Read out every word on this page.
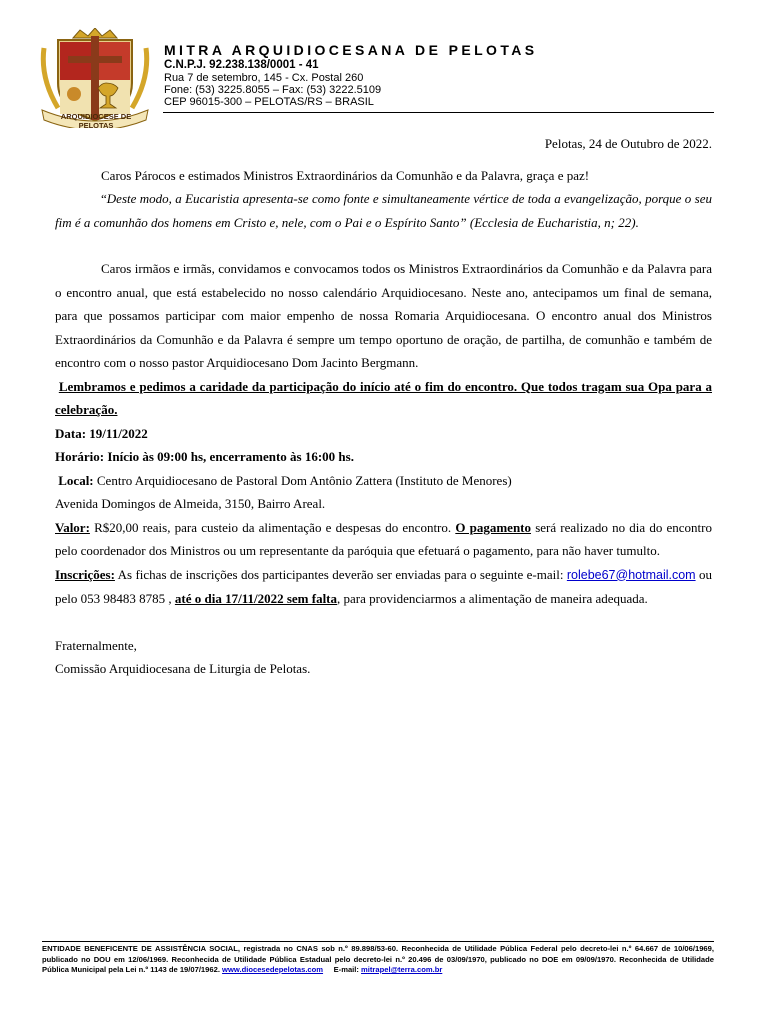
ARQUIDIOCESE DE PELOTAS
MITRA ARQUIDIOCESANA DE PELOTAS
C.N.P.J. 92.238.138/0001 - 41
Rua 7 de setembro, 145 - Cx. Postal 260
Fone: (53) 3225.8055 – Fax: (53) 3222.5109
CEP 96015-300 – PELOTAS/RS – BRASIL

Pelotas, 24 de Outubro de 2022.

Caros Párocos e estimados Ministros Extraordinários da Comunhão e da Palavra, graça e paz!

“Deste modo, a Eucaristia apresenta-se como fonte e simultaneamente vértice de toda a evangelização, porque o seu fim é a comunhão dos homens em Cristo e, nele, com o Pai e o Espírito Santo” (Ecclesia de Eucharistia, n; 22).

Caros irmãos e irmãs, convidamos e convocamos todos os Ministros Extraordinários da Comunhão e da Palavra para o encontro anual, que está estabelecido no nosso calendário Arquidiocesano. Neste ano, antecipamos um final de semana, para que possamos participar com maior empenho de nossa Romaria Arquidiocesana. O encontro anual dos Ministros Extraordinários da Comunhão e da Palavra é sempre um tempo oportuno de oração, de partilha, de comunhão e também de encontro com o nosso pastor Arquidiocesano Dom Jacinto Bergmann.

Lembramos e pedimos a caridade da participação do início até o fim do encontro. Que todos tragam sua Opa para a celebração.

Data: 19/11/2022

Horário: Início às 09:00 hs, encerramento às 16:00 hs.

Local: Centro Arquidiocesano de Pastoral Dom Antônio Zattera (Instituto de Menores)

Avenida Domingos de Almeida, 3150, Bairro Areal.

Valor: R$20,00 reais, para custeio da alimentação e despesas do encontro. O pagamento será realizado no dia do encontro pelo coordenador dos Ministros ou um representante da paróquia que efetuará o pagamento, para não haver tumulto.

Inscrições: As fichas de inscrições dos participantes deverão ser enviadas para o seguinte e-mail: rolebe67@hotmail.com ou pelo 053 98483 8785 , até o dia 17/11/2022 sem falta, para providenciarmos a alimentação de maneira adequada.

Fraternalmente,

Comissão Arquidiocesana de Liturgia de Pelotas.

ENTIDADE BENEFICENTE DE ASSISTÊNCIA SOCIAL, registrada no CNAS sob n.º 89.898/53-60. Reconhecida de Utilidade Pública Federal pelo decreto-lei n.º 64.667 de 10/06/1969, publicado no DOU em 12/06/1969. Reconhecida de Utilidade Pública Estadual pelo decreto-lei n.º 20.496 de 03/09/1970, publicado no DOE em 09/09/1970. Reconhecida de Utilidade Pública Municipal pela Lei n.º 1143 de 19/07/1962. www.diocesedepelotas.com     E-mail: mitrapel@terra.com.br
